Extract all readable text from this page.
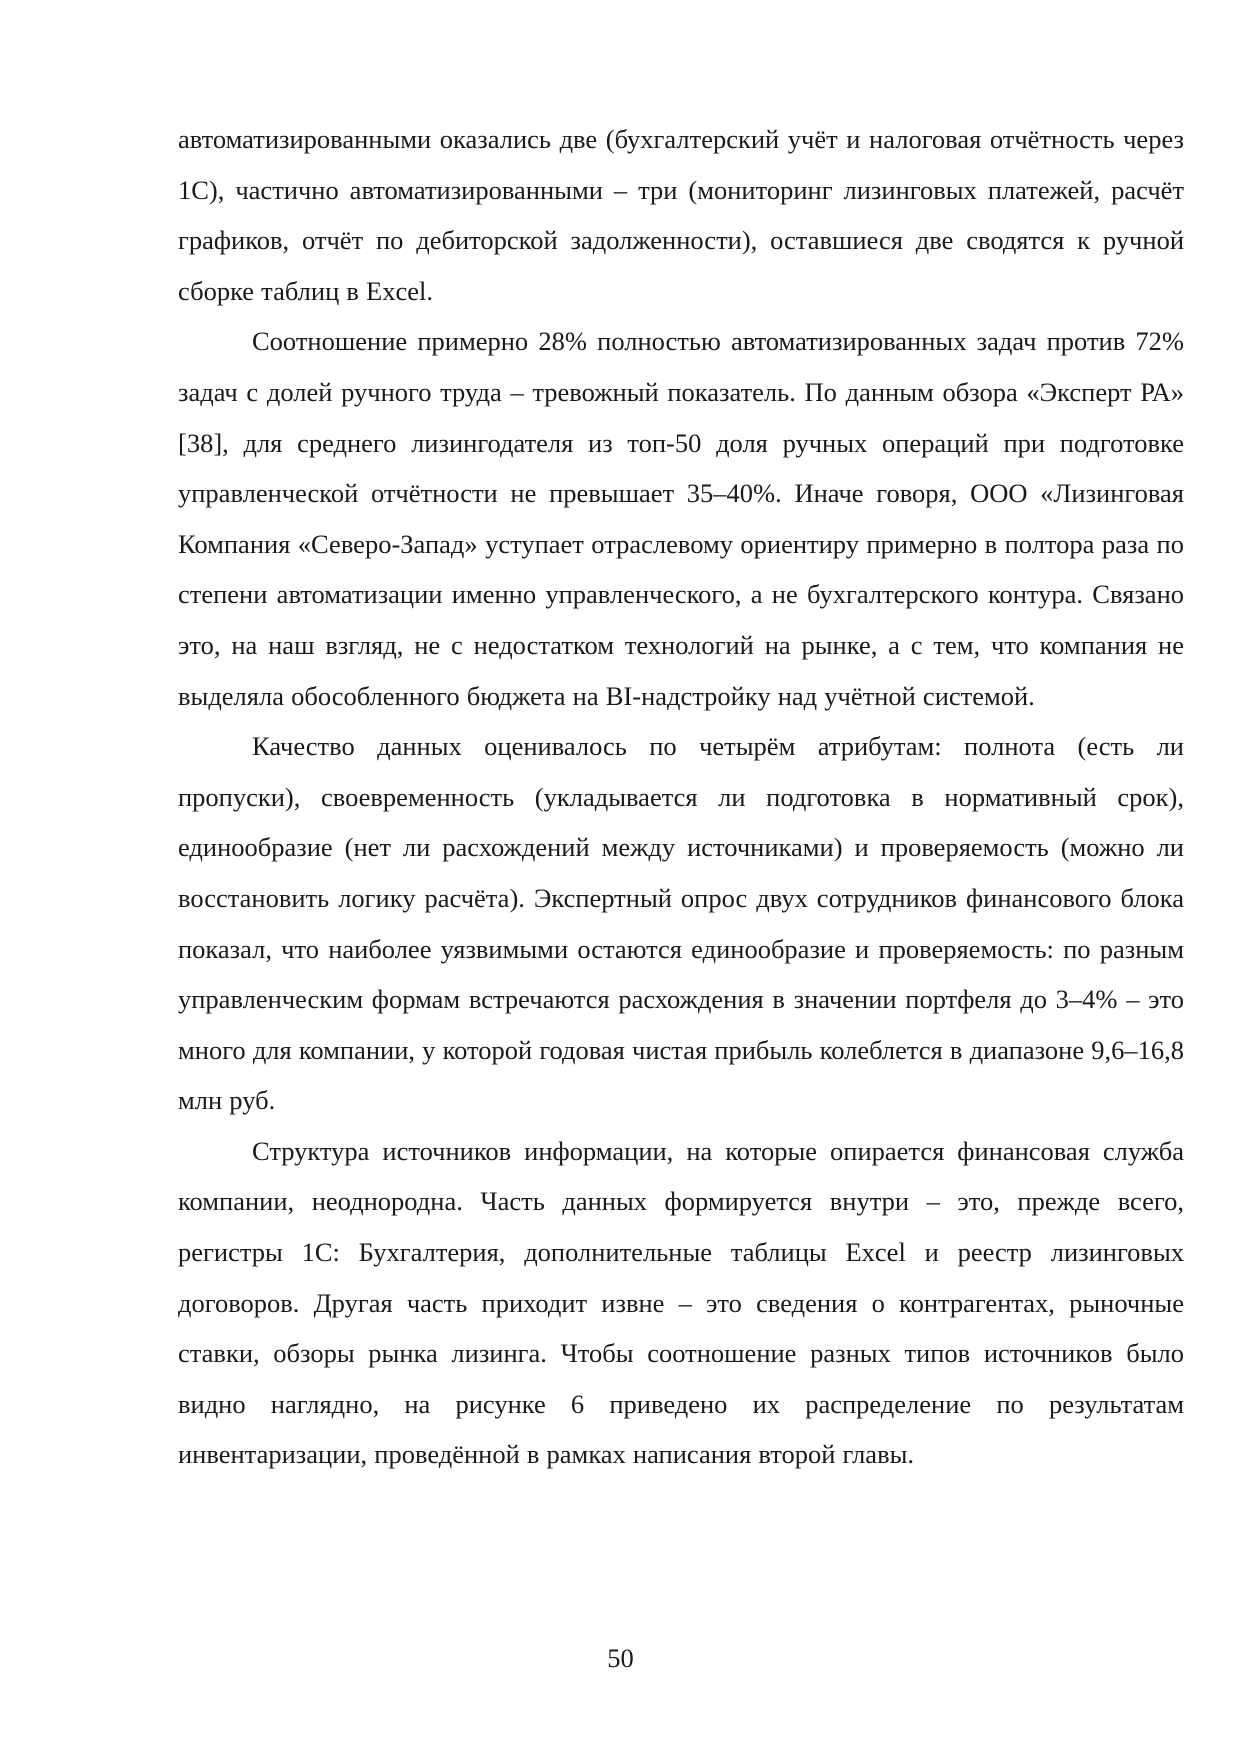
автоматизированными оказались две (бухгалтерский учёт и налоговая отчётность через 1С), частично автоматизированными – три (мониторинг лизинговых платежей, расчёт графиков, отчёт по дебиторской задолженности), оставшиеся две сводятся к ручной сборке таблиц в Excel.

Соотношение примерно 28% полностью автоматизированных задач против 72% задач с долей ручного труда – тревожный показатель. По данным обзора «Эксперт РА» [38], для среднего лизингодателя из топ-50 доля ручных операций при подготовке управленческой отчётности не превышает 35–40%. Иначе говоря, ООО «Лизинговая Компания «Северо-Запад» уступает отраслевому ориентиру примерно в полтора раза по степени автоматизации именно управленческого, а не бухгалтерского контура. Связано это, на наш взгляд, не с недостатком технологий на рынке, а с тем, что компания не выделяла обособленного бюджета на BI-надстройку над учётной системой.

Качество данных оценивалось по четырём атрибутам: полнота (есть ли пропуски), своевременность (укладывается ли подготовка в нормативный срок), единообразие (нет ли расхождений между источниками) и проверяемость (можно ли восстановить логику расчёта). Экспертный опрос двух сотрудников финансового блока показал, что наиболее уязвимыми остаются единообразие и проверяемость: по разным управленческим формам встречаются расхождения в значении портфеля до 3–4% – это много для компании, у которой годовая чистая прибыль колеблется в диапазоне 9,6–16,8 млн руб.

Структура источников информации, на которые опирается финансовая служба компании, неоднородна. Часть данных формируется внутри – это, прежде всего, регистры 1С: Бухгалтерия, дополнительные таблицы Excel и реестр лизинговых договоров. Другая часть приходит извне – это сведения о контрагентах, рыночные ставки, обзоры рынка лизинга. Чтобы соотношение разных типов источников было видно наглядно, на рисунке 6 приведено их распределение по результатам инвентаризации, проведённой в рамках написания второй главы.

50
